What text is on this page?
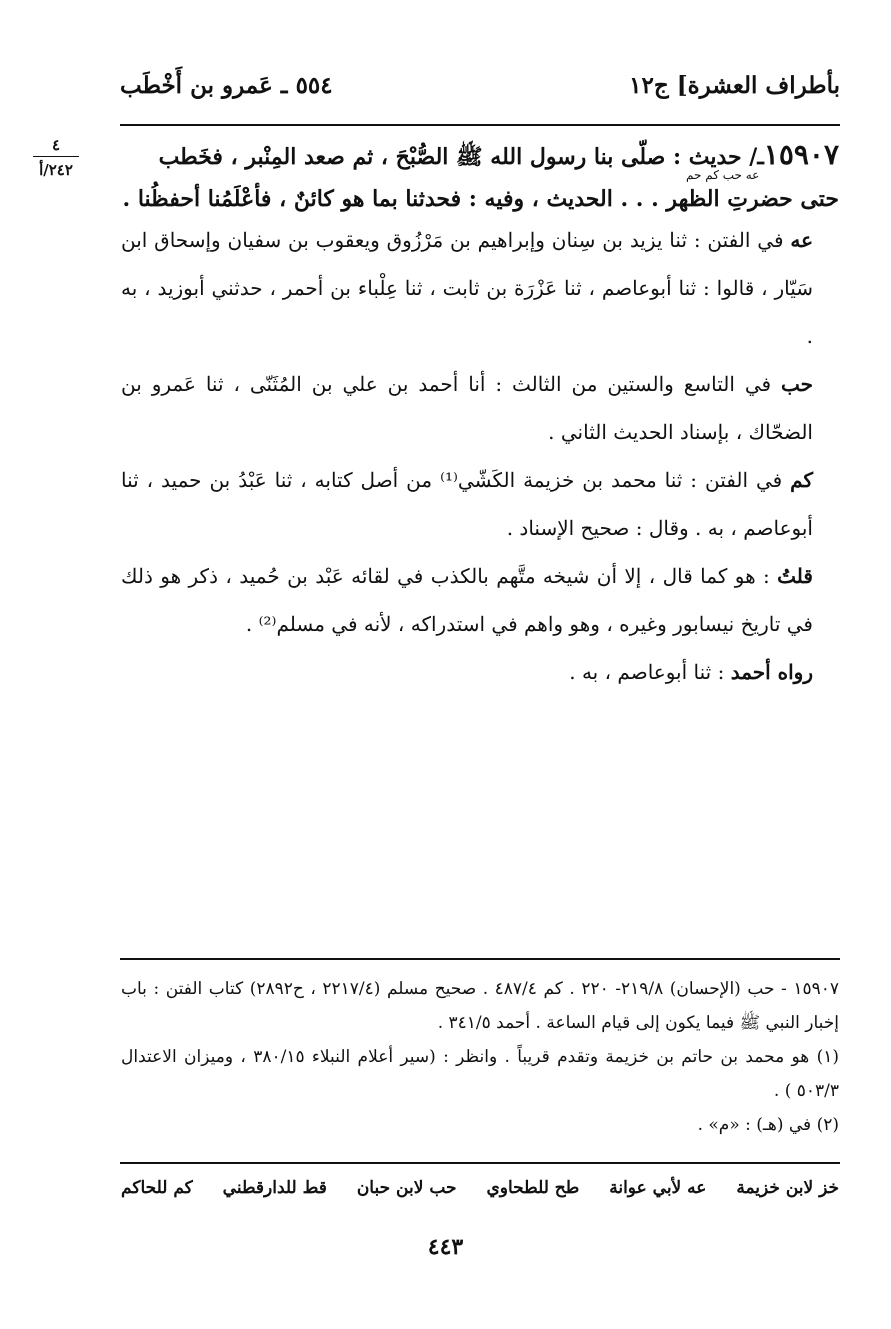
بأطراف العشرة] ج١٢
٥٥٤ ـ عَمرو بن أَخْطَب
٤
٢٤٢/أ	عه حب كم حم
١٥٩٠٧ـ/ حديث : صلّى بنا رسول الله ﷺ الصُّبْحَ ، ثم صعد المِنْبر ، فخَطب
حتى حضرتِ الظهر . . . الحديث ، وفيه : فحدثنا بما هو كائنٌ ، فأعْلَمُنا أحفظُنا .

عه في الفتن : ثنا يزيد بن سِنان وإبراهيم بن مَرْزُوق ويعقوب بن سفيان وإسحاق ابن سَيّار ، قالوا : ثنا أبوعاصم ، ثنا عَزْرَة بن ثابت ، ثنا عِلْباء بن أحمر ، حدثني أبوزيد ، به .

حب في التاسع والستين من الثالث : أنا أحمد بن علي بن المُثَنّى ، ثنا عَمرو بن الضحّاك ، بإسناد الحديث الثاني .

كم في الفتن : ثنا محمد بن خزيمة الكَشّي⁽¹⁾ من أصل كتابه ، ثنا عَبْدُ بن حميد ، ثنا أبوعاصم ، به . وقال : صحيح الإسناد .

قلتُ : هو كما قال ، إلا أن شيخه متَّهم بالكذب في لقائه عَبْد بن حُميد ، ذكر هو ذلك في تاريخ نيسابور وغيره ، وهو واهم في استدراكه ، لأنه في مسلم⁽²⁾ .

رواه أحمد : ثنا أبوعاصم ، به .

١٥٩٠٧ - حب (الإحسان) ٢١٩/٨- ٢٢٠ . كم ٤٨٧/٤ . صحيح مسلم (٢٢١٧/٤ ، ح٢٨٩٢) كتاب الفتن : باب إخبار النبي ﷺ فيما يكون إلى قيام الساعة . أحمد ٣٤١/٥ .

(١) هو محمد بن حاتم بن خزيمة وتقدم قريباً . وانظر : (سير أعلام النبلاء ٣٨٠/١٥ ، وميزان الاعتدال ٥٠٣/٣ ) .

(٢) في (هـ) : «م» .

خز لابن خزيمة
عه لأبي عوانة
طح للطحاوي
حب لابن حبان
قط للدارقطني
كم للحاكم
٤٤٣
